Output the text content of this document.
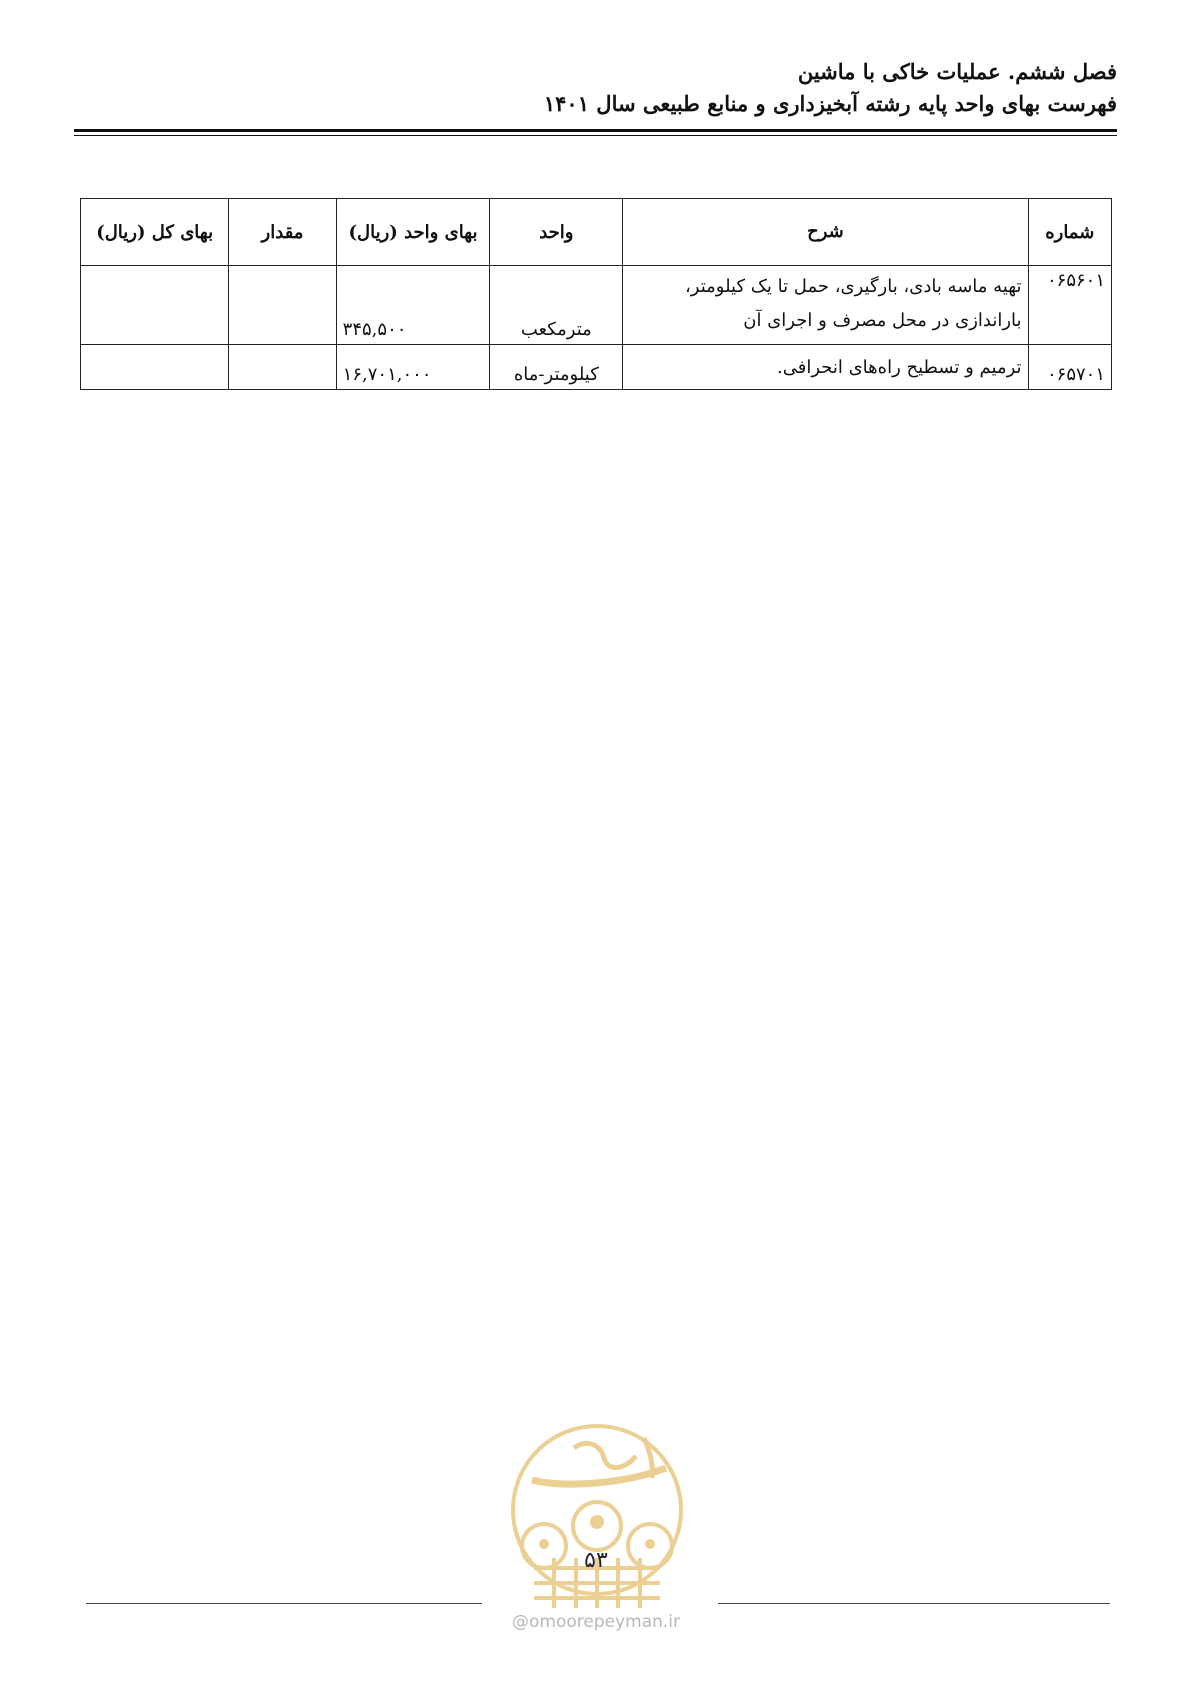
فصل ششم. عملیات خاکی با ماشین
فهرست بهای واحد پایه رشته آبخیزداری و منابع طبیعی سال ۱۴۰۱
شماره	شرح	واحد	بهای واحد (ریال)	مقدار	بهای کل (ریال)
۰۶۵۶۰۱	تهیه ماسه بادی، بارگیری، حمل تا یک کیلومتر، باراندازی در محل مصرف و اجرای آن	مترمکعب	۳۴۵,۵۰۰		
۰۶۵۷۰۱	ترمیم و تسطیح راه‌های انحرافی.	کیلومتر-ماه	۱۶,۷۰۱,۰۰۰		
۵۳
@omoorepeyman.ir
